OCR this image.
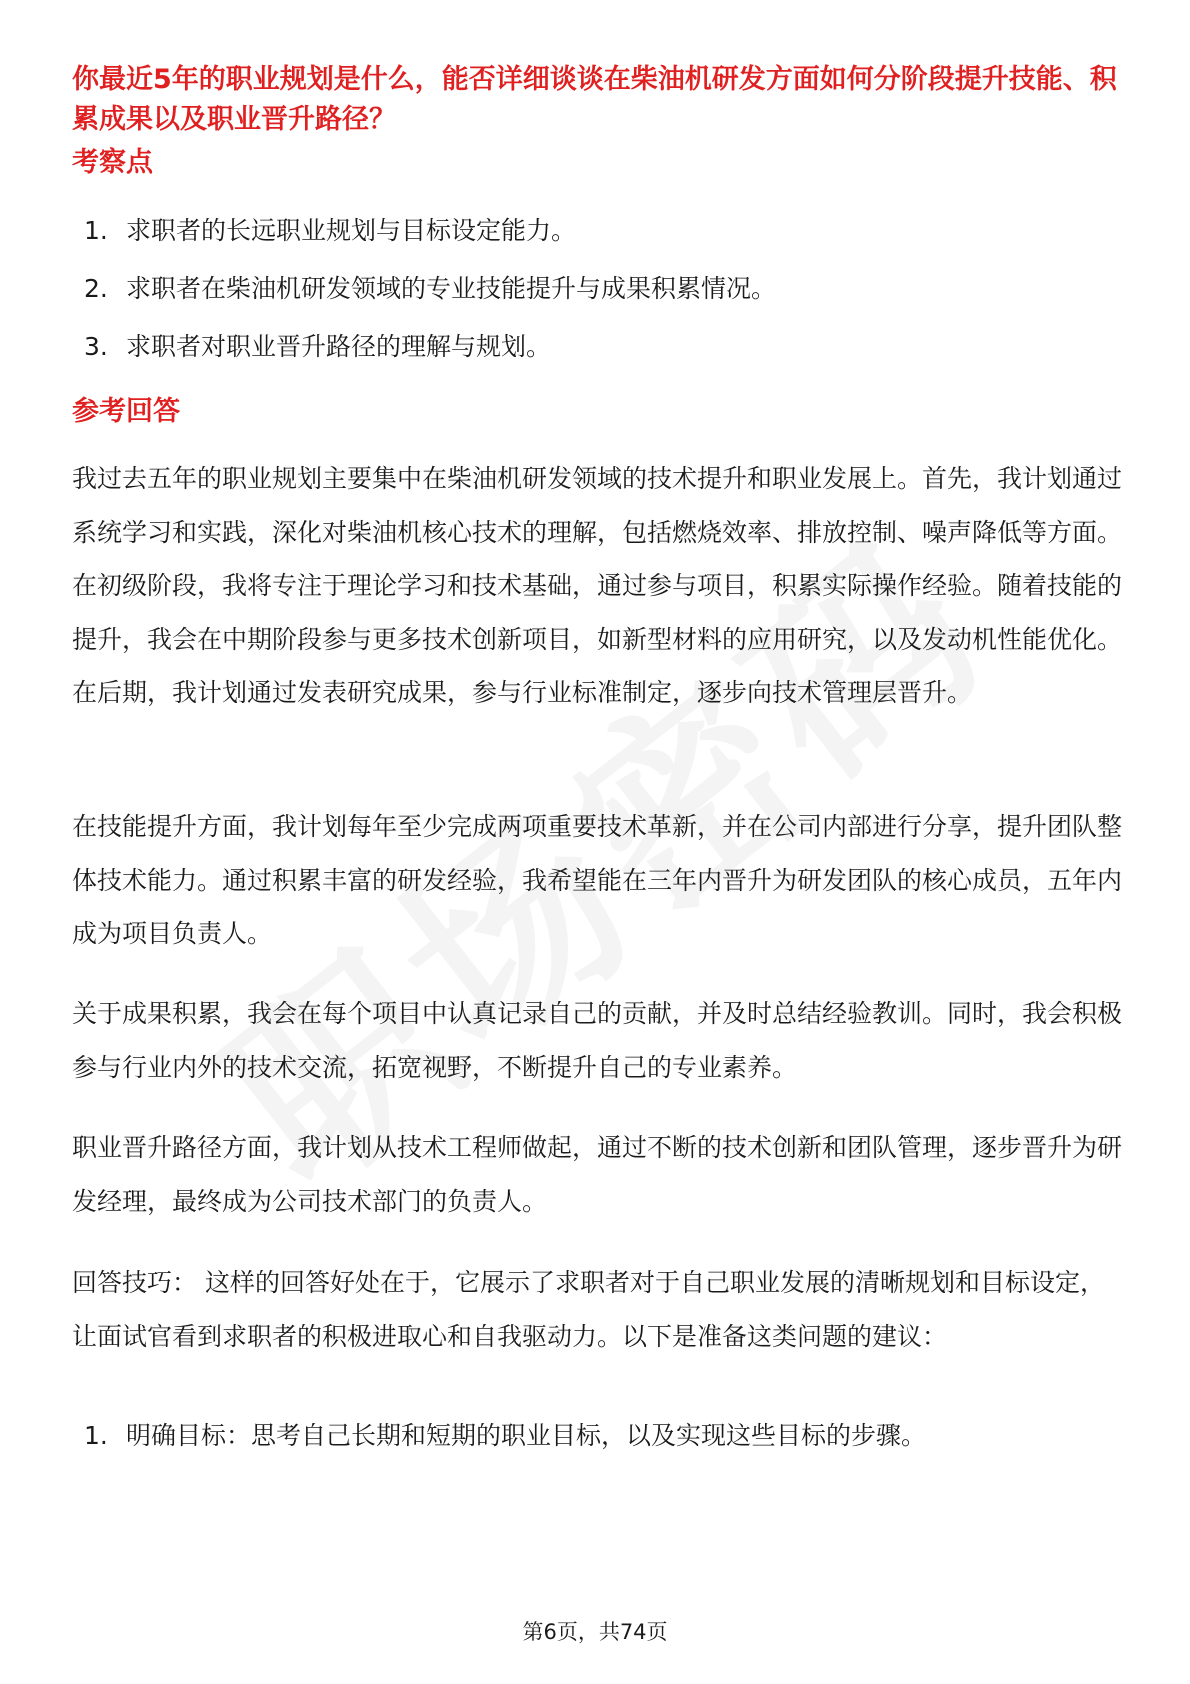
你最近5年的职业规划是什么，能否详细谈谈在柴油机研发方面如何分阶段提升技能、积累成果以及职业晋升路径？
考察点
1. 求职者的长远职业规划与目标设定能力。
2. 求职者在柴油机研发领域的专业技能提升与成果积累情况。
3. 求职者对职业晋升路径的理解与规划。
参考回答

我过去五年的职业规划主要集中在柴油机研发领域的技术提升和职业发展上。首先，我计划通过系统学习和实践，深化对柴油机核心技术的理解，包括燃烧效率、排放控制、噪声降低等方面。在初级阶段，我将专注于理论学习和技术基础，通过参与项目，积累实际操作经验。随着技能的提升，我会在中期阶段参与更多技术创新项目，如新型材料的应用研究，以及发动机性能优化。在后期，我计划通过发表研究成果，参与行业标准制定，逐步向技术管理层晋升。

在技能提升方面，我计划每年至少完成两项重要技术革新，并在公司内部进行分享，提升团队整体技术能力。通过积累丰富的研发经验，我希望能在三年内晋升为研发团队的核心成员，五年内成为项目负责人。

关于成果积累，我会在每个项目中认真记录自己的贡献，并及时总结经验教训。同时，我会积极参与行业内外的技术交流，拓宽视野，不断提升自己的专业素养。

职业晋升路径方面，我计划从技术工程师做起，通过不断的技术创新和团队管理，逐步晋升为研发经理，最终成为公司技术部门的负责人。

回答技巧： 这样的回答好处在于，它展示了求职者对于自己职业发展的清晰规划和目标设定，让面试官看到求职者的积极进取心和自我驱动力。以下是准备这类问题的建议：

1. 明确目标：思考自己长期和短期的职业目标，以及实现这些目标的步骤。
第6页，共74页
